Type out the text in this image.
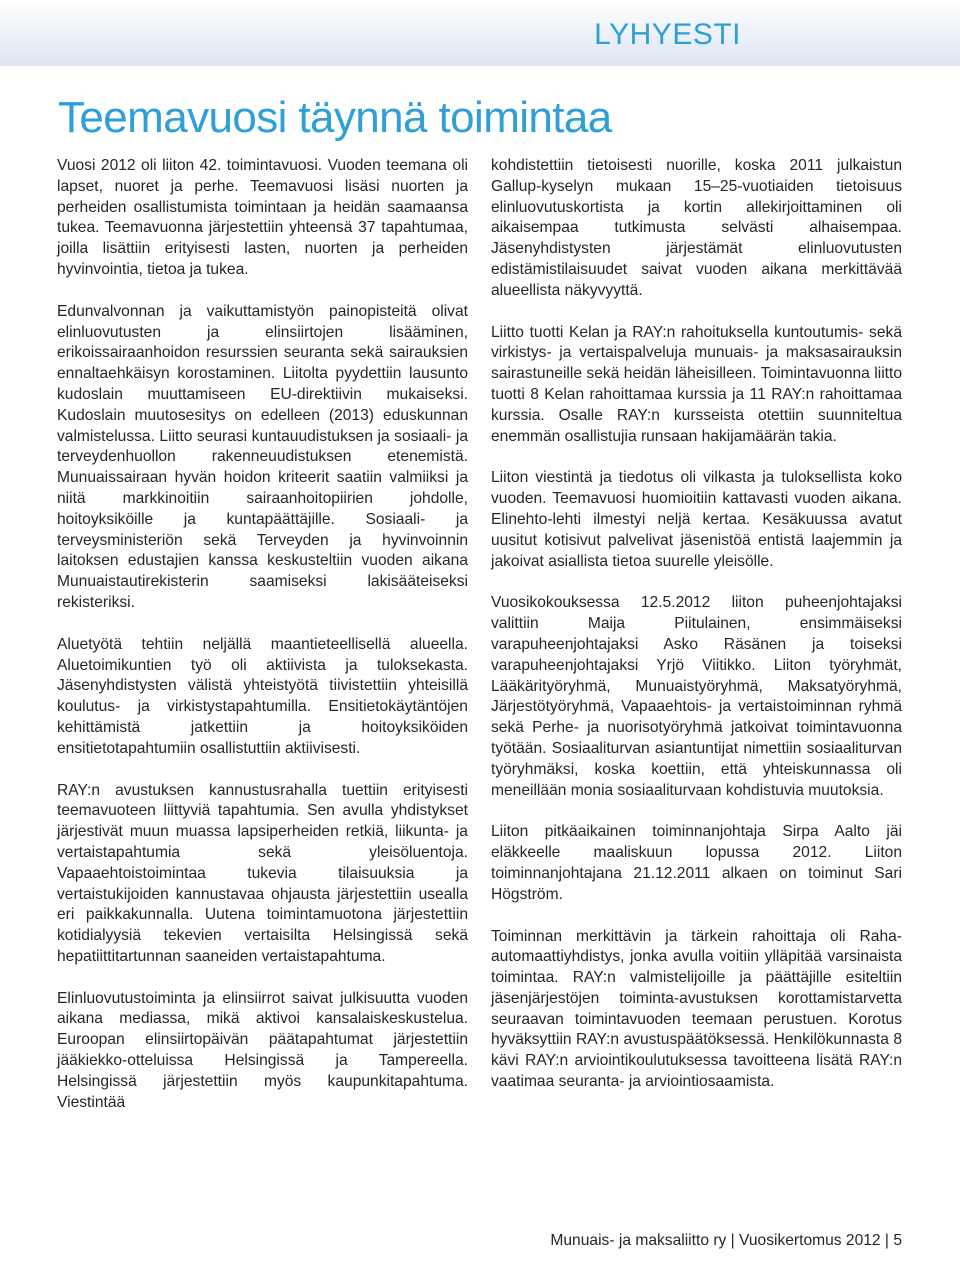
LYHYESTI
Teemavuosi täynnä toimintaa

Vuosi 2012 oli liiton 42. toimintavuosi. Vuoden teemana oli lapset, nuoret ja perhe. Teemavuosi lisäsi nuorten ja perheiden osallistumista toimintaan ja heidän saamaansa tukea. Teemavuonna järjestettiin yhteensä 37 tapahtumaa, joilla lisättiin erityisesti lasten, nuorten ja perheiden hyvinvointia, tietoa ja tukea.

Edunvalvonnan ja vaikuttamistyön painopisteitä olivat elinluovutusten ja elinsiirtojen lisääminen, erikoissairaanhoidon resurssien seuranta sekä sairauksien ennaltaehkäisyn korostaminen. Liitolta pyydettiin lausunto kudoslain muuttamiseen EU-direktiivin mukaiseksi. Kudoslain muutosesitys on edelleen (2013) eduskunnan valmistelussa. Liitto seurasi kuntauudistuksen ja sosiaali- ja terveydenhuollon rakenneuudistuksen etenemistä. Munuaissairaan hyvän hoidon kriteerit saatiin valmiiksi ja niitä markkinoitiin sairaanhoitopiirien johdolle, hoitoyksiköille ja kuntapäättäjille. Sosiaali- ja terveysministeriön sekä Terveyden ja hyvinvoinnin laitoksen edustajien kanssa keskusteltiin vuoden aikana Munuaistautirekisterin saamiseksi lakisääteiseksi rekisteriksi.

Aluetyötä tehtiin neljällä maantieteellisellä alueella. Aluetoimikuntien työ oli aktiivista ja tuloksekasta. Jäsenyhdistysten välistä yhteistyötä tiivistettiin yhteisillä koulutus- ja virkistystapahtumilla. Ensitietokäytäntöjen kehittämistä jatkettiin ja hoitoyksiköiden ensitietotapahtumiin osallistuttiin aktiivisesti.

RAY:n avustuksen kannustusrahalla tuettiin erityisesti teemavuoteen liittyviä tapahtumia. Sen avulla yhdistykset järjestivät muun muassa lapsiperheiden retkiä, liikunta- ja vertaistapahtumia sekä yleisöluentoja. Vapaaehtoistoimintaa tukevia tilaisuuksia ja vertaistukijoiden kannustavaa ohjausta järjestettiin usealla eri paikkakunnalla. Uutena toimintamuotona järjestettiin kotidialyysiä tekevien vertaisilta Helsingissä sekä hepatiittitartunnan saaneiden vertaistapahtuma.

Elinluovutustoiminta ja elinsiirrot saivat julkisuutta vuoden aikana mediassa, mikä aktivoi kansalaiskeskustelua. Euroopan elinsiirtopäivän päätapahtumat järjestettiin jääkiekko-otteluissa Helsingissä ja Tampereella. Helsingissä järjestettiin myös kaupunkitapahtuma. Viestintää

kohdistettiin tietoisesti nuorille, koska 2011 julkaistun Gallup-kyselyn mukaan 15–25-vuotiaiden tietoisuus elinluovutuskortista ja kortin allekirjoittaminen oli aikaisempaa tutkimusta selvästi alhaisempaa. Jäsenyhdistysten järjestämät elinluovutusten edistämistilaisuudet saivat vuoden aikana merkittävää alueellista näkyvyyttä.

Liitto tuotti Kelan ja RAY:n rahoituksella kuntoutumis- sekä virkistys- ja vertaispalveluja munuais- ja maksasairauksin sairastuneille sekä heidän läheisilleen. Toimintavuonna liitto tuotti 8 Kelan rahoittamaa kurssia ja 11 RAY:n rahoittamaa kurssia. Osalle RAY:n kursseista otettiin suunniteltua enemmän osallistujia runsaan hakijamäärän takia.

Liiton viestintä ja tiedotus oli vilkasta ja tuloksellista koko vuoden. Teemavuosi huomioitiin kattavasti vuoden aikana. Elinehto-lehti ilmestyi neljä kertaa. Kesäkuussa avatut uusitut kotisivut palvelivat jäsenistöä entistä laajemmin ja jakoivat asiallista tietoa suurelle yleisölle.

Vuosikokouksessa 12.5.2012 liiton puheenjohtajaksi valittiin Maija Piitulainen, ensimmäiseksi varapuheenjohtajaksi Asko Räsänen ja toiseksi varapuheenjohtajaksi Yrjö Viitikko. Liiton työryhmät, Lääkärityöryhmä, Munuaistyöryhmä, Maksatyöryhmä, Järjestötyöryhmä, Vapaaehtois- ja vertaistoiminnan ryhmä sekä Perhe- ja nuorisotyöryhmä jatkoivat toimintavuonna työtään. Sosiaaliturvan asiantuntijat nimettiin sosiaaliturvan työryhmäksi, koska koettiin, että yhteiskunnassa oli meneillään monia sosiaaliturvaan kohdistuvia muutoksia.

Liiton pitkäaikainen toiminnanjohtaja Sirpa Aalto jäi eläkkeelle maaliskuun lopussa 2012. Liiton toiminnanjohtajana 21.12.2011 alkaen on toiminut Sari Högström.

Toiminnan merkittävin ja tärkein rahoittaja oli Raha-automaattiyhdistys, jonka avulla voitiin ylläpitää varsinaista toimintaa. RAY:n valmistelijoille ja päättäjille esiteltiin jäsenjärjestöjen toiminta-avustuksen korottamistarvetta seuraavan toimintavuoden teemaan perustuen. Korotus hyväksyttiin RAY:n avustuspäätöksessä. Henkilökunnasta 8 kävi RAY:n arviointikoulutuksessa tavoitteena lisätä RAY:n vaatimaa seuranta- ja arviointiosaamista.

Munuais- ja maksaliitto ry | Vuosikertomus 2012 | 5
